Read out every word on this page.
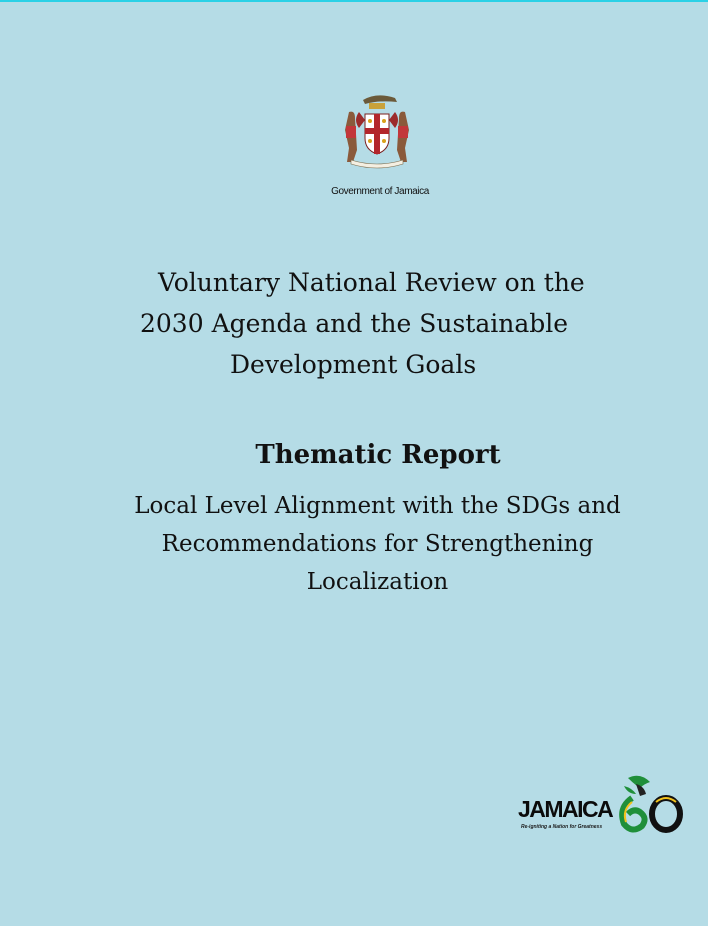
Government of Jamaica
Voluntary National Review on the
2030 Agenda and the Sustainable
Development Goals
Thematic Report
Local Level Alignment with the SDGs and
Recommendations for Strengthening
Localization
JAMAICA
Re-igniting a Nation for Greatness
